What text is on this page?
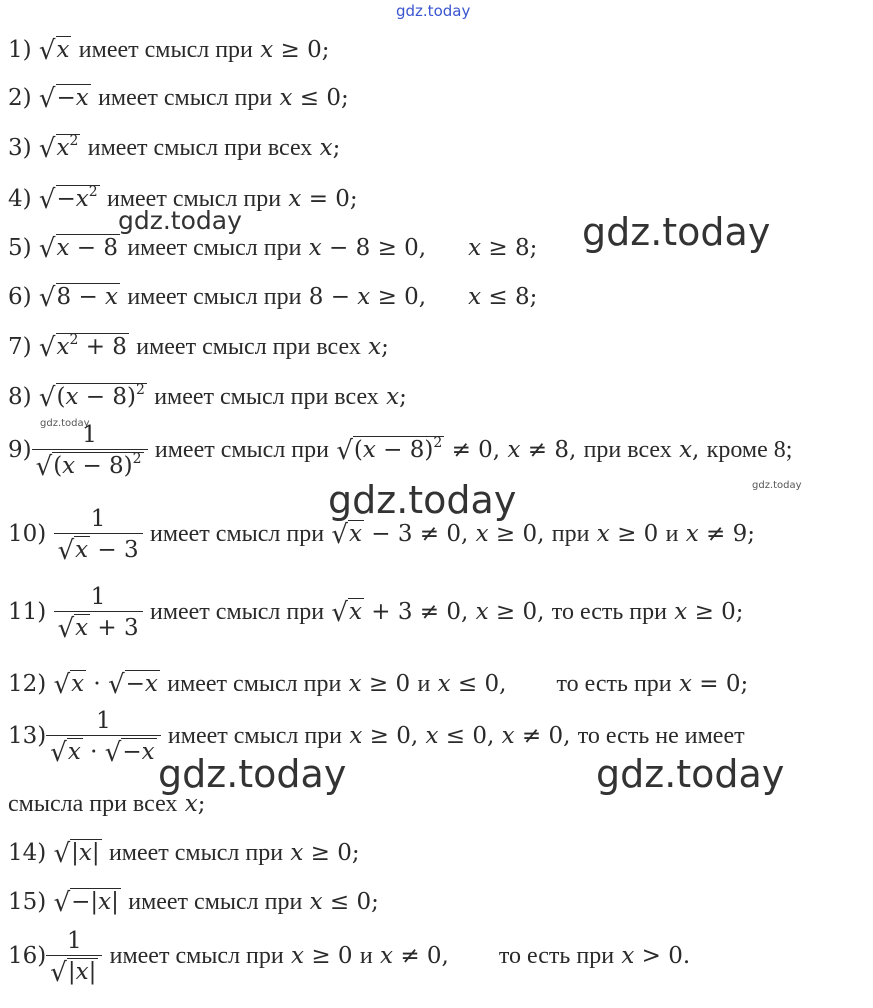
gdz.today
gdz.today	gdz.today
gdz.today
gdz.today
gdz.today
gdz.today	gdz.today
1) √x имеет смысл при x ≥ 0;
2) √−x имеет смысл при x ≤ 0;
3) $√x^2$ имеет смысл при всех x;
4) $√-x^2$ имеет смысл при x = 0;
5) √x − 8 имеет смысл при x − 8 ≥ 0, x ≥ 8;
6) √8 − x имеет смысл при 8 − x ≥ 0, x ≤ 8;
7) $√x^2 + 8$ имеет смысл при всех x;
8) $√(x - 8)^2$ имеет смысл при всех x;
$9) \frac{1}{√(x - 8)^2}$ имеет смысл при $√(x - 8)^2 \ne 0$, x ≠ 8, при всех x, кроме 8;
$10) \frac{1}{√x - 3}$ имеет смысл при √x − 3 ≠ 0, x ≥ 0, при x ≥ 0 и x ≠ 9;
$11) \frac{1}{√x + 3}$ имеет смысл при √x + 3 ≠ 0, x ≥ 0, то есть при x ≥ 0;
12) √x · √−x имеет смысл при x ≥ 0 и x ≤ 0, то есть при x = 0;
$13) \frac{1}{√x \cdot √-x}$ имеет смысл при x ≥ 0, x ≤ 0, x ≠ 0, то есть не имеет
смысла при всех x;
14) √|x| имеет смысл при x ≥ 0;
15) √−|x| имеет смысл при x ≤ 0;
$16) \frac{1}{√|x|}$ имеет смысл при x ≥ 0 и x ≠ 0, то есть при x > 0.
